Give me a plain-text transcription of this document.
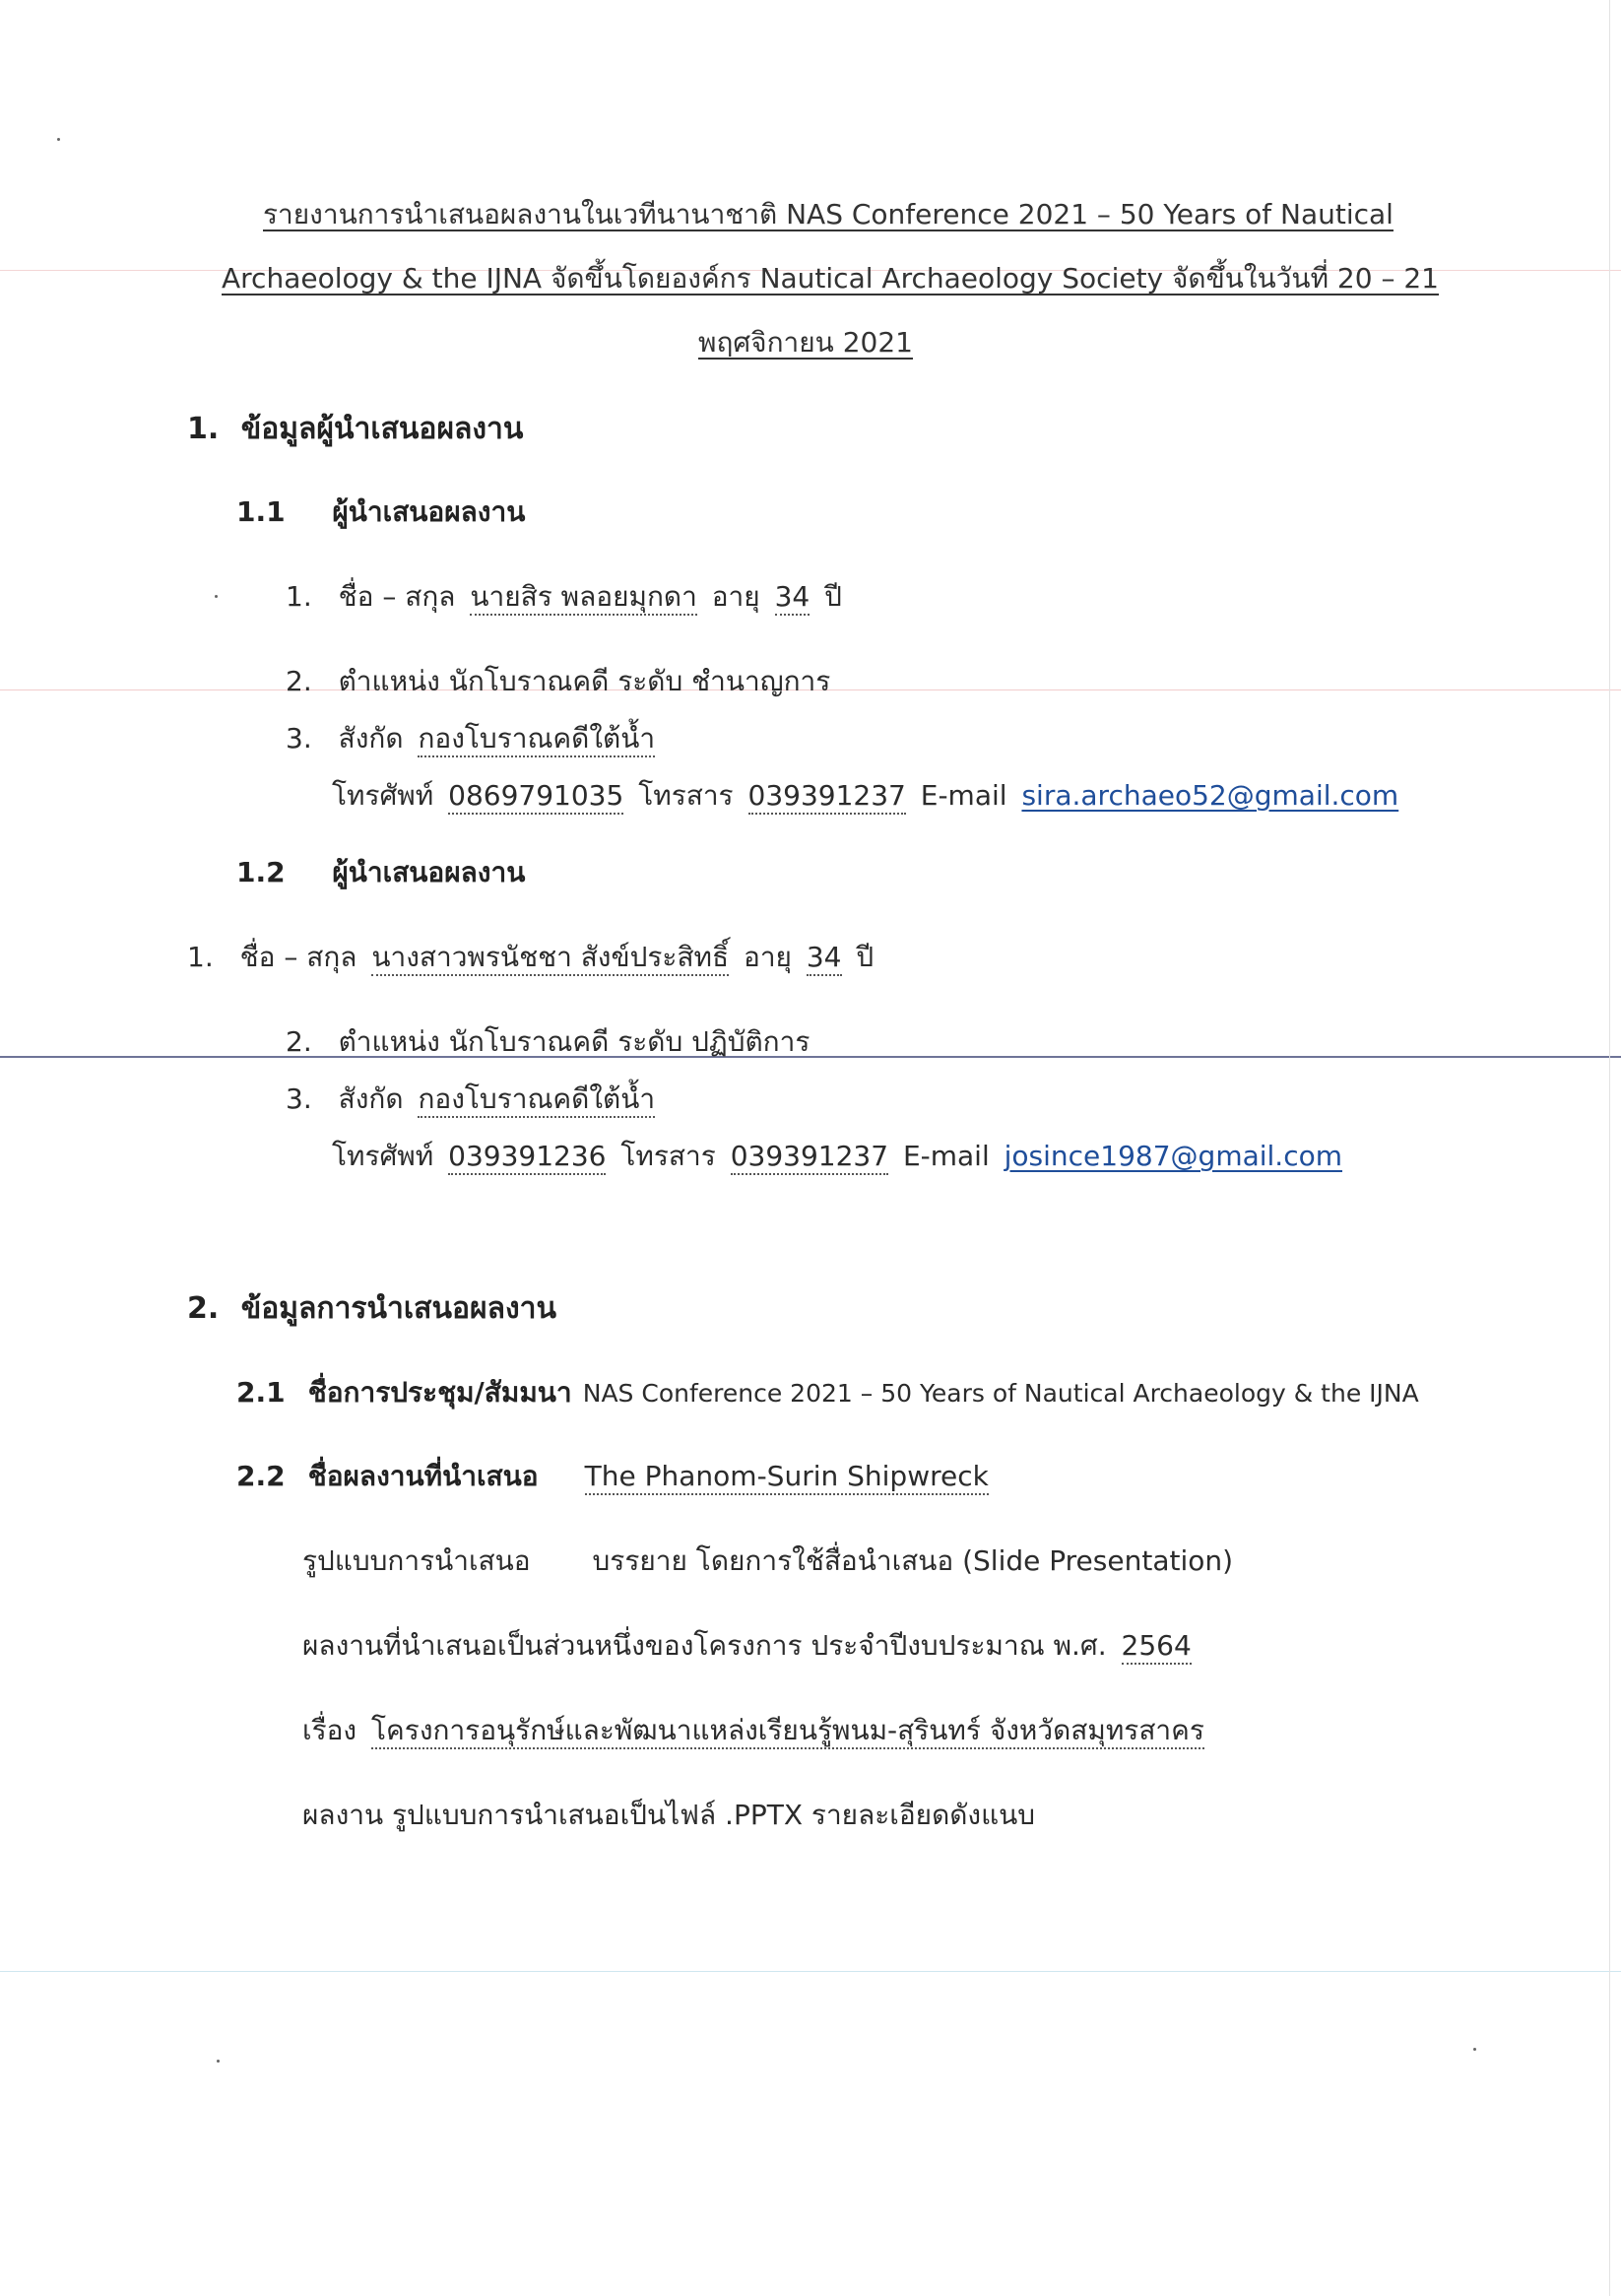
รายงานการนำเสนอผลงานในเวทีนานาชาติ NAS Conference 2021 – 50 Years of Nautical
Archaeology & the IJNA จัดขึ้นโดยองค์กร Nautical Archaeology Society จัดขึ้นในวันที่ 20 – 21
พฤศจิกายน 2021
1. ข้อมูลผู้นำเสนอผลงาน
1.1 ผู้นำเสนอผลงาน
1. ชื่อ – สกุล นายสิร พลอยมุกดา อายุ 34 ปี
2. ตำแหน่ง นักโบราณคดี ระดับ ชำนาญการ
3. สังกัด กองโบราณคดีใต้น้ำ
โทรศัพท์ 0869791035 โทรสาร 039391237 E-mail sira.archaeo52@gmail.com
1.2 ผู้นำเสนอผลงาน
1. ชื่อ – สกุล นางสาวพรนัชชา สังข์ประสิทธิ์ อายุ 34 ปี
2. ตำแหน่ง นักโบราณคดี ระดับ ปฏิบัติการ
3. สังกัด กองโบราณคดีใต้น้ำ
โทรศัพท์ 039391236 โทรสาร 039391237 E-mail josince1987@gmail.com
2. ข้อมูลการนำเสนอผลงาน
2.1 ชื่อการประชุม/สัมมนา NAS Conference 2021 – 50 Years of Nautical Archaeology & the IJNA
2.2 ชื่อผลงานที่นำเสนอ The Phanom-Surin Shipwreck
รูปแบบการนำเสนอ บรรยาย โดยการใช้สื่อนำเสนอ (Slide Presentation)
ผลงานที่นำเสนอเป็นส่วนหนึ่งของโครงการ ประจำปีงบประมาณ พ.ศ. 2564
เรื่อง โครงการอนุรักษ์และพัฒนาแหล่งเรียนรู้พนม-สุรินทร์ จังหวัดสมุทรสาคร
ผลงาน รูปแบบการนำเสนอเป็นไฟล์ .PPTX รายละเอียดดังแนบ
